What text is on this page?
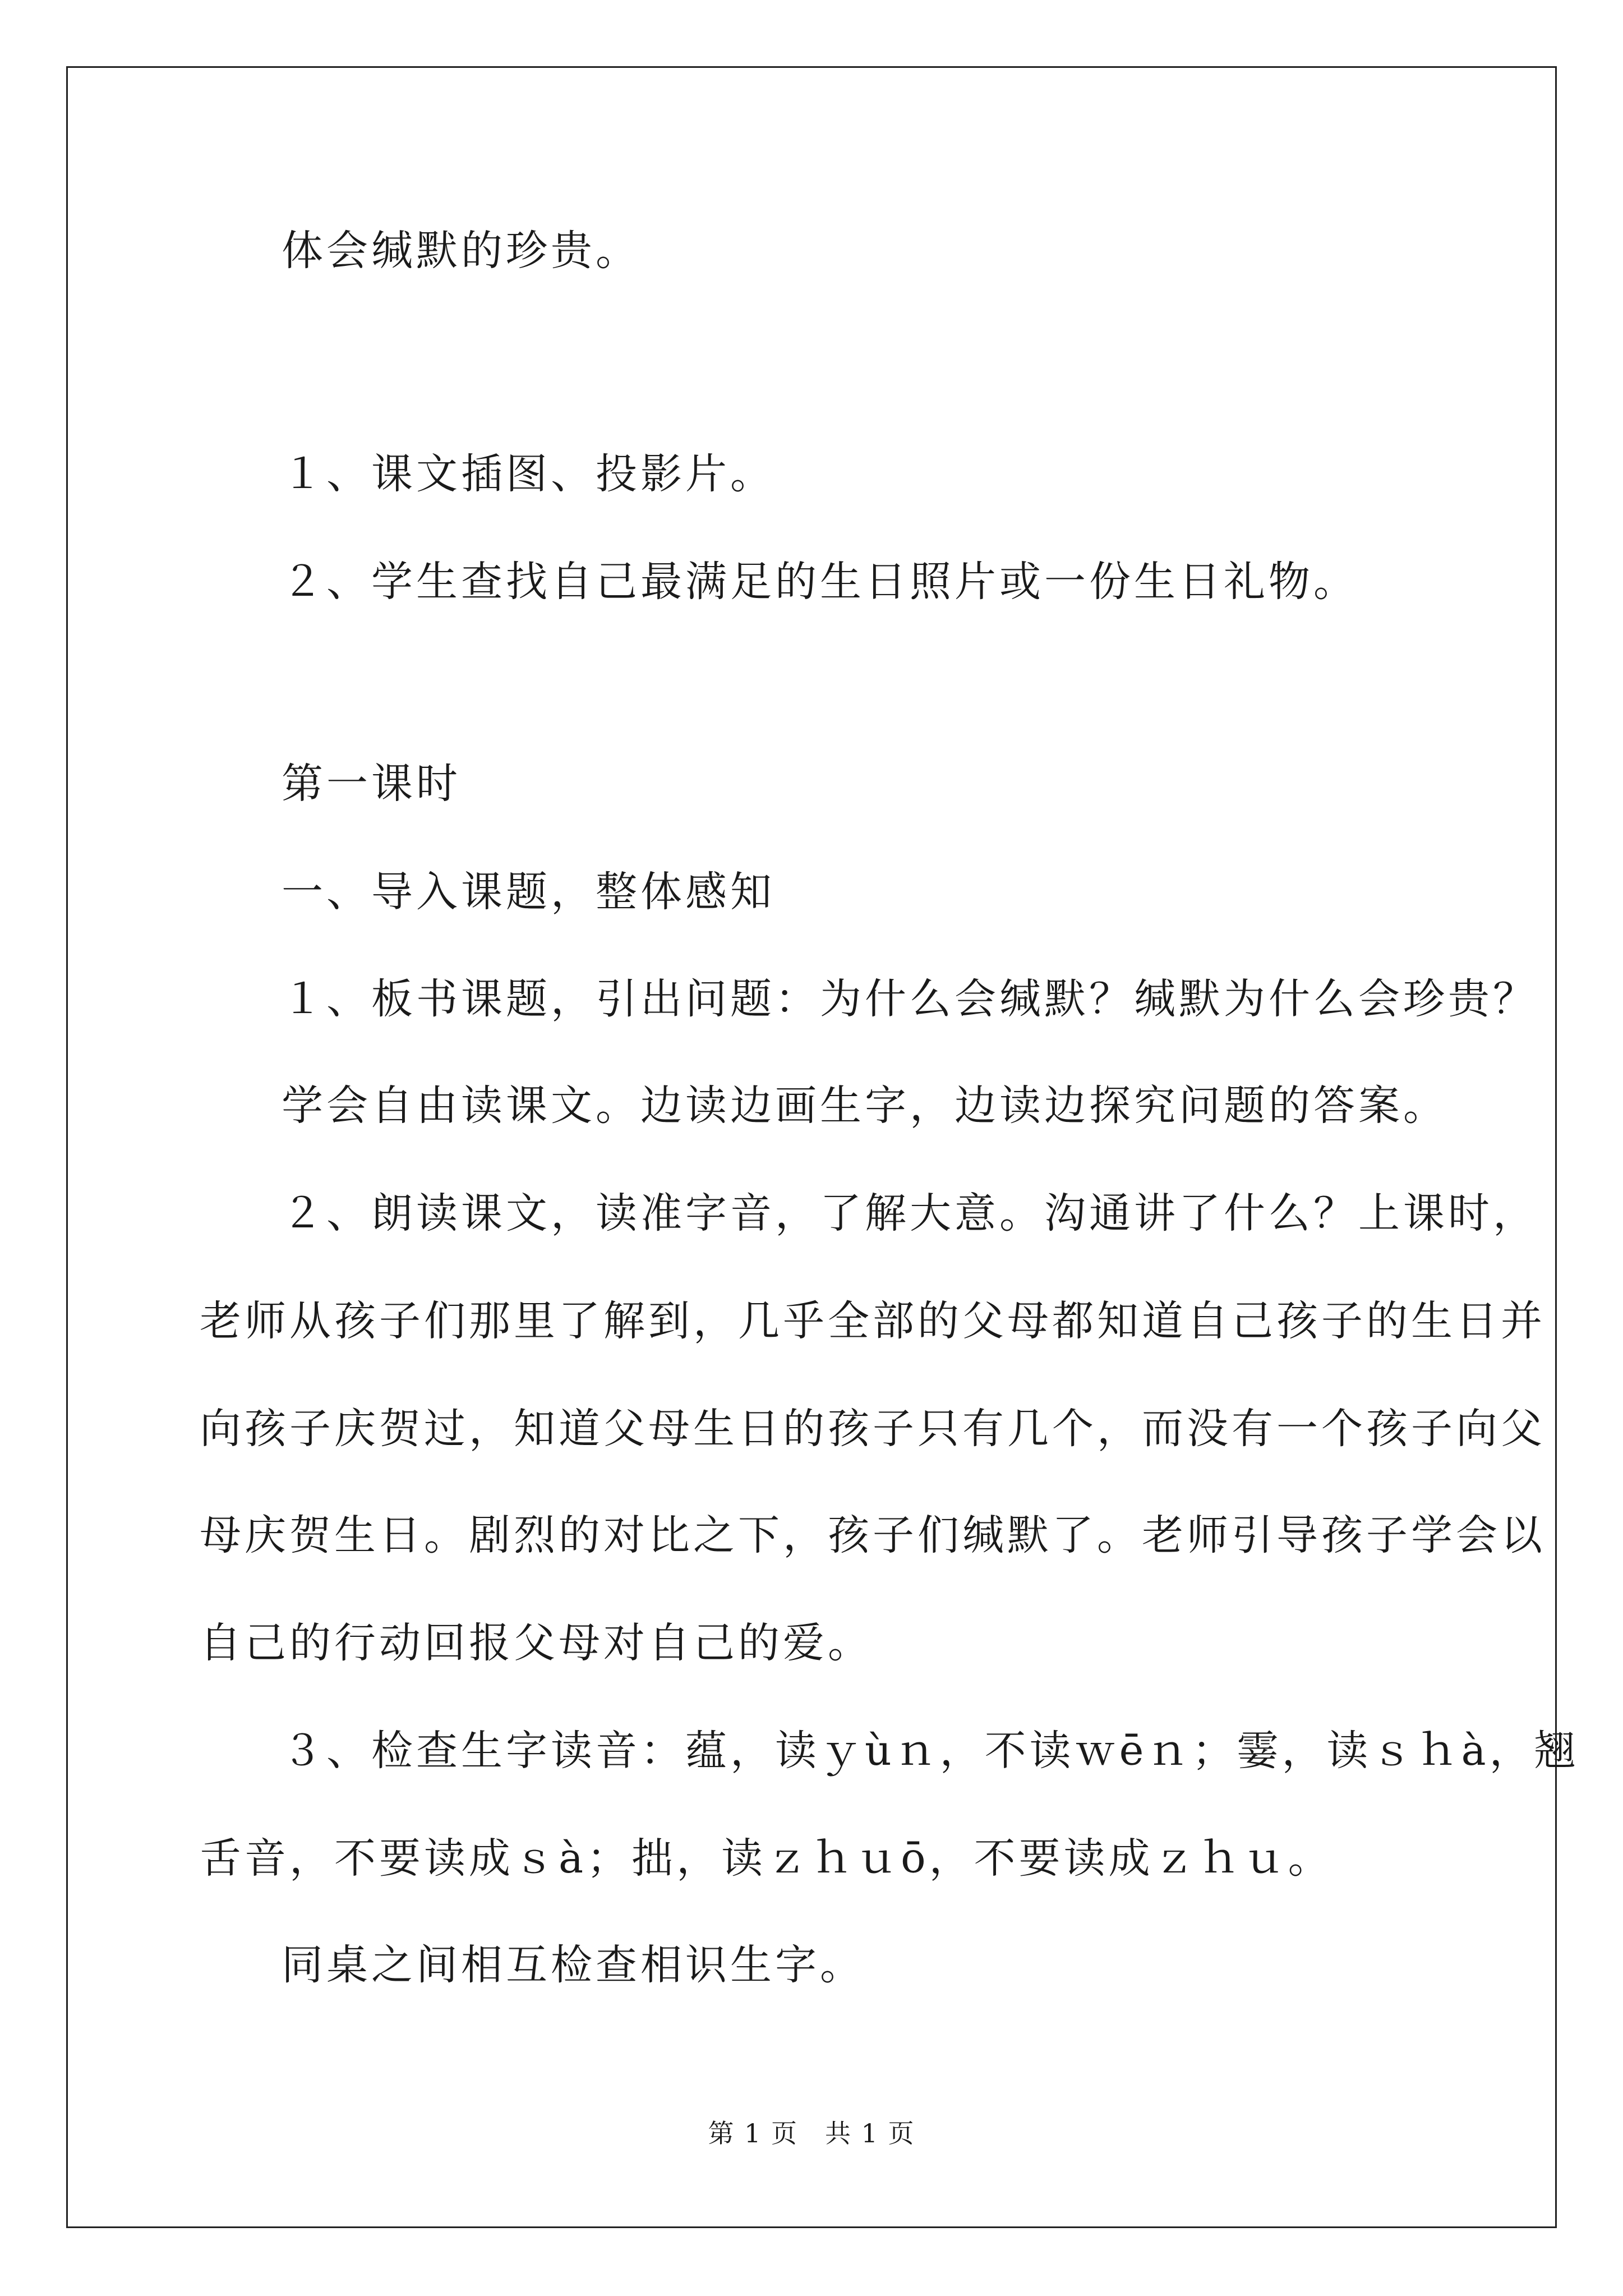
体会缄默的珍贵。
１、课文插图、投影片。
２、学生查找自己最满足的生日照片或一份生日礼物。
第一课时
一、导入课题，整体感知
１、板书课题，引出问题：为什么会缄默？缄默为什么会珍贵？
学会自由读课文。边读边画生字，边读边探究问题的答案。
２、朗读课文，读准字音，了解大意。沟通讲了什么？上课时，
老师从孩子们那里了解到，几乎全部的父母都知道自己孩子的生日并
向孩子庆贺过，知道父母生日的孩子只有几个，而没有一个孩子向父
母庆贺生日。剧烈的对比之下，孩子们缄默了。老师引导孩子学会以
自己的行动回报父母对自己的爱。
３、检查生字读音：蕴，读ｙùｎ，不读ｗēｎ；霎，读ｓｈà，翘
舌音，不要读成ｓà；拙，读ｚｈｕō，不要读成ｚｈｕ。
同桌之间相互检查相识生字。
第 1 页　共 1 页
